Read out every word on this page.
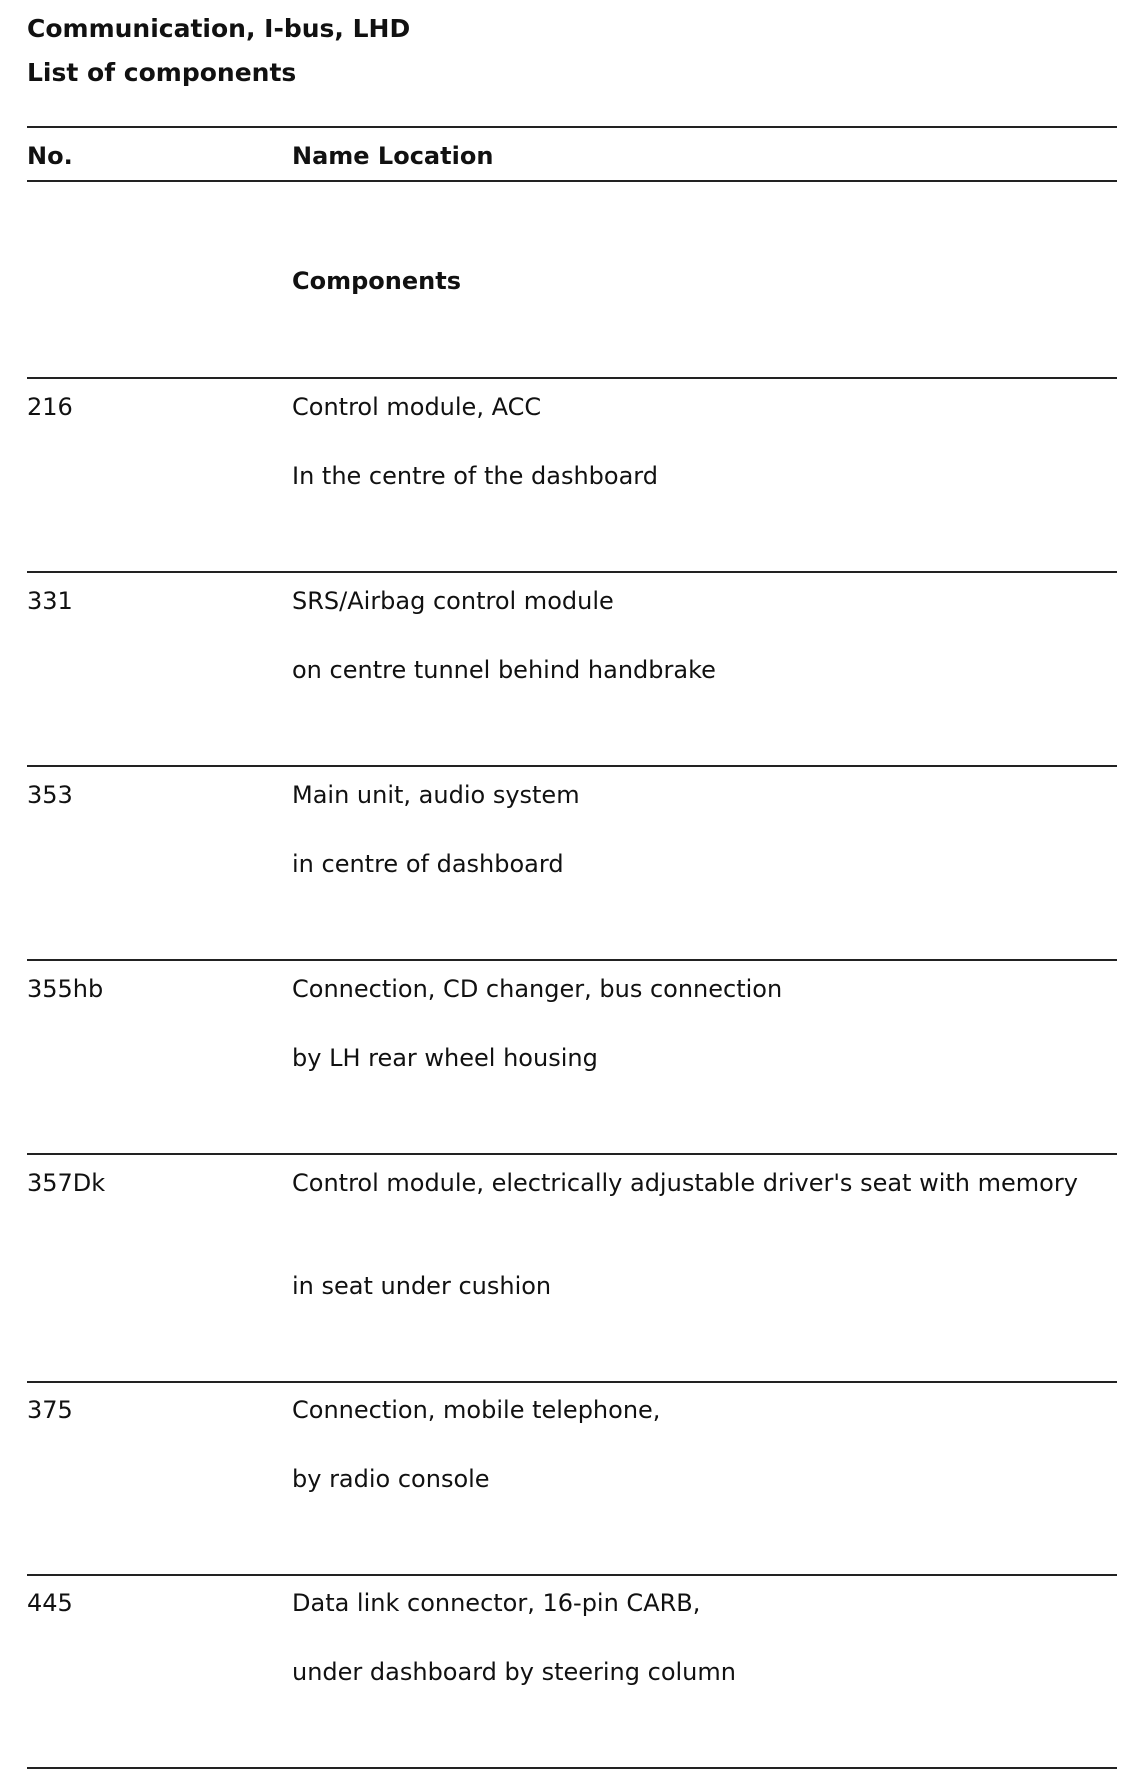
Communication, I-bus, LHD
List of components
No.	Name Location
Components
216	Control module, ACC
In the centre of the dashboard
331	SRS/Airbag control module
on centre tunnel behind handbrake
353	Main unit, audio system
in centre of dashboard
355hb	Connection, CD changer, bus connection
by LH rear wheel housing
357Dk	Control module, electrically adjustable driver's seat with memory
in seat under cushion
375	Connection, mobile telephone,
by radio console
445	Data link connector, 16-pin CARB,
under dashboard by steering column
